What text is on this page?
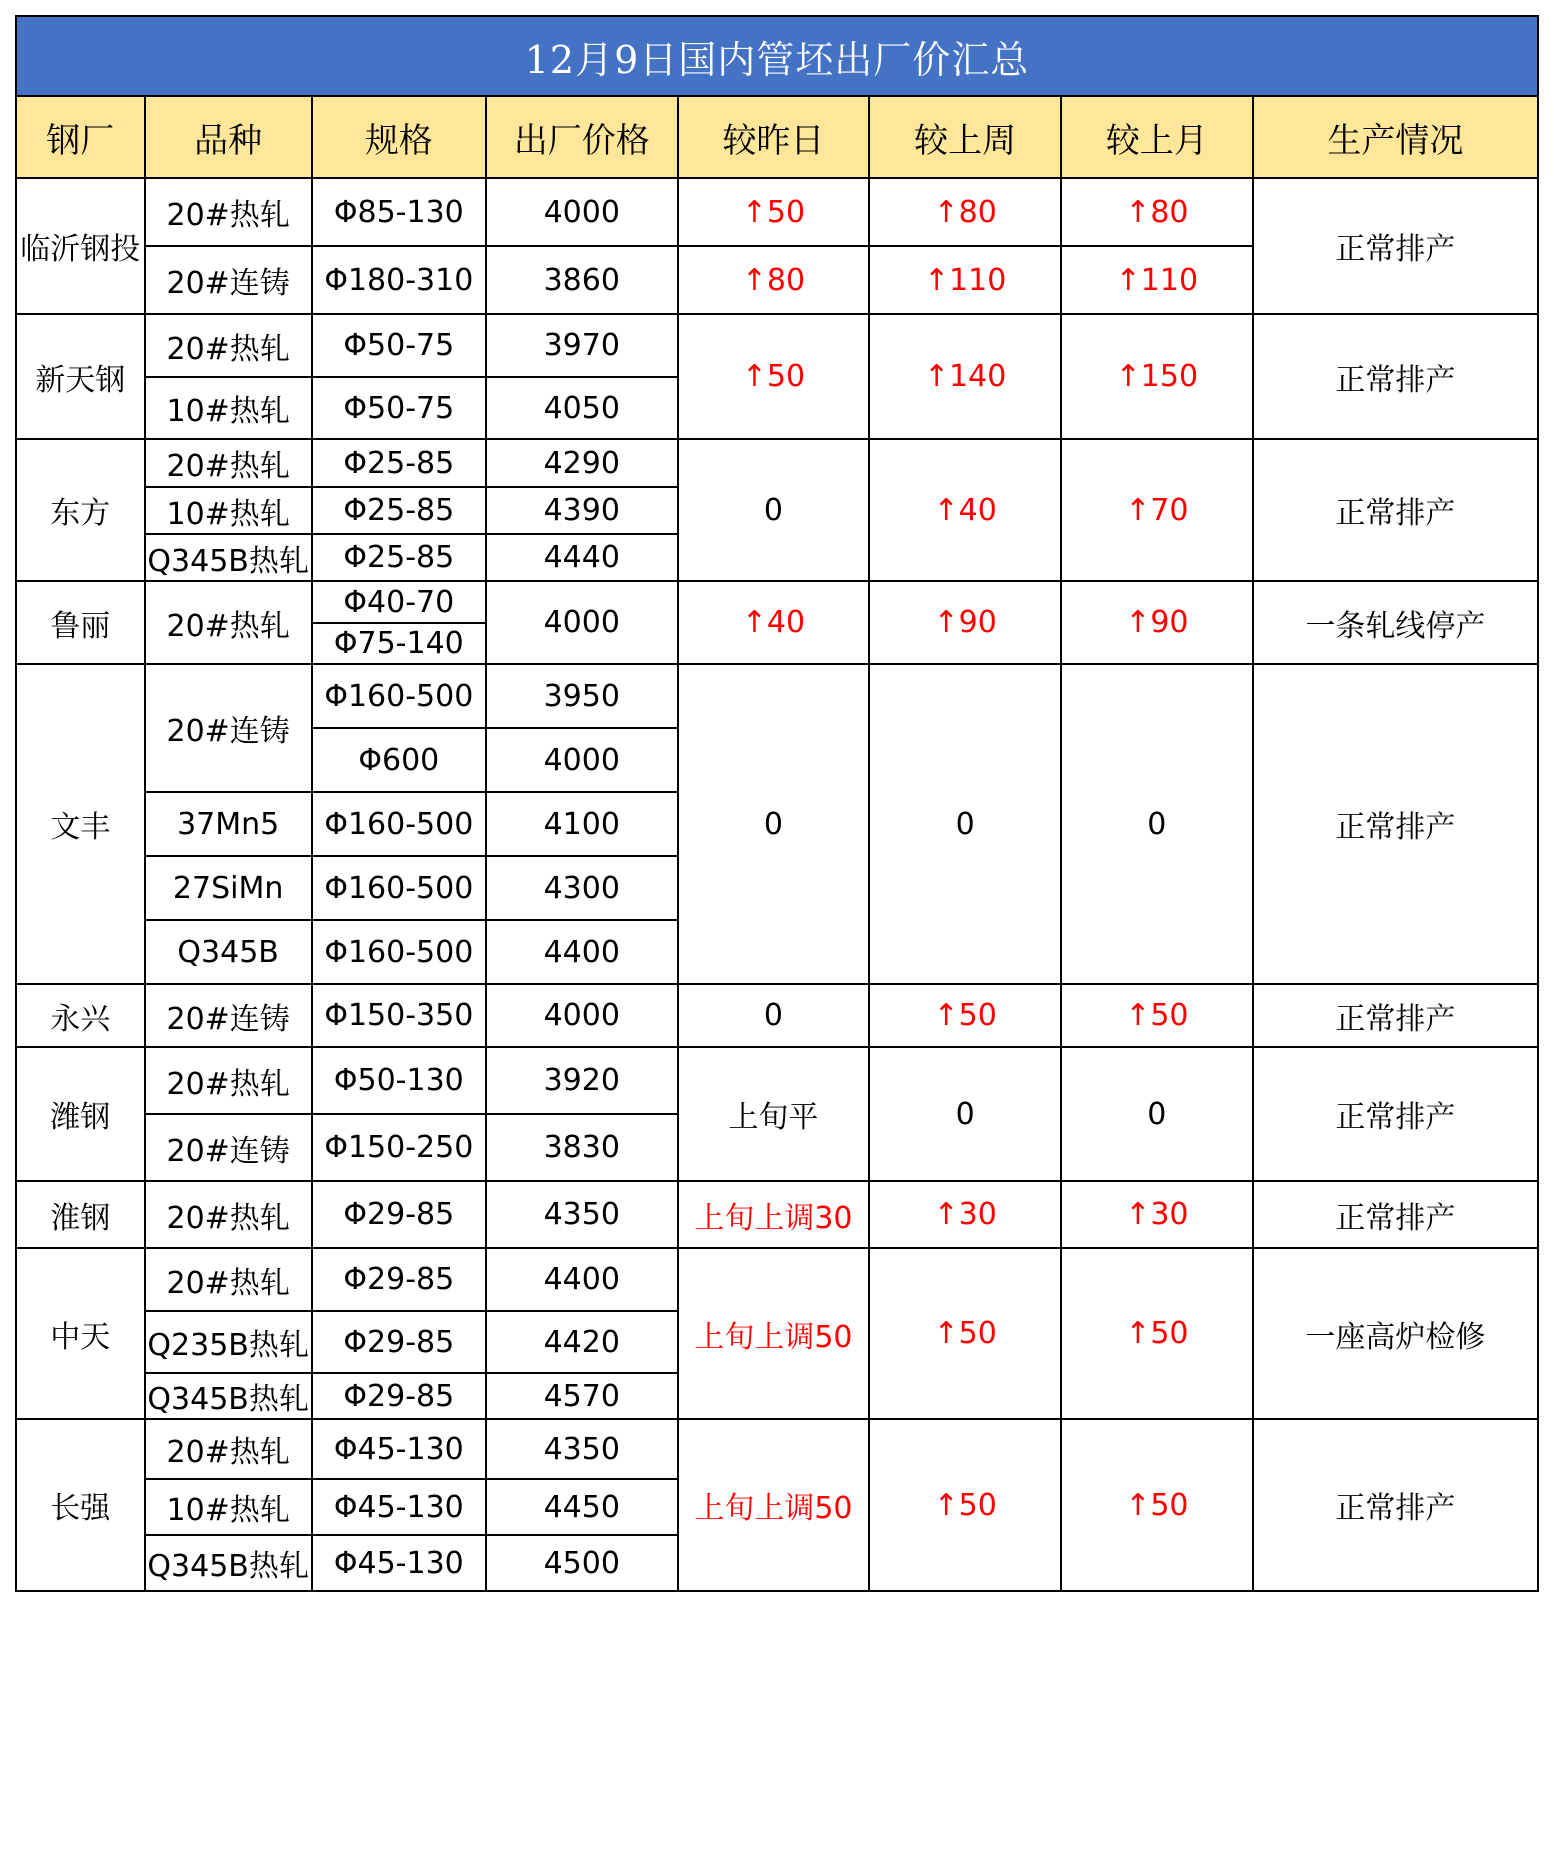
12月9日国内管坯出厂价汇总							
钢厂	品种	规格	出厂价格	较昨日	较上周	较上月	生产情况
临沂钢投	20#热轧	Φ85-130	4000	↑50	↑80	↑80	正常排产
	20#连铸	Φ180-310	3860	↑80	↑110	↑110	
新天钢	20#热轧	Φ50-75	3970	↑50	↑140	↑150	正常排产
	10#热轧	Φ50-75	4050				
东方	20#热轧	Φ25-85	4290	0	↑40	↑70	正常排产
	10#热轧	Φ25-85	4390				
	Q345B热轧	Φ25-85	4440				
鲁丽	20#热轧	Φ40-70	4000	↑40	↑90	↑90	一条轧线停产
		Φ75-140					
文丰	20#连铸	Φ160-500	3950	0	0	0	正常排产
		Φ600	4000				
	37Mn5	Φ160-500	4100				
	27SiMn	Φ160-500	4300				
	Q345B	Φ160-500	4400				
永兴	20#连铸	Φ150-350	4000	0	↑50	↑50	正常排产
潍钢	20#热轧	Φ50-130	3920	上旬平	0	0	正常排产
	20#连铸	Φ150-250	3830				
淮钢	20#热轧	Φ29-85	4350	上旬上调30	↑30	↑30	正常排产
中天	20#热轧	Φ29-85	4400	上旬上调50	↑50	↑50	一座高炉检修
	Q235B热轧	Φ29-85	4420				
	Q345B热轧	Φ29-85	4570				
长强	20#热轧	Φ45-130	4350	上旬上调50	↑50	↑50	正常排产
	10#热轧	Φ45-130	4450				
	Q345B热轧	Φ45-130	4500				
